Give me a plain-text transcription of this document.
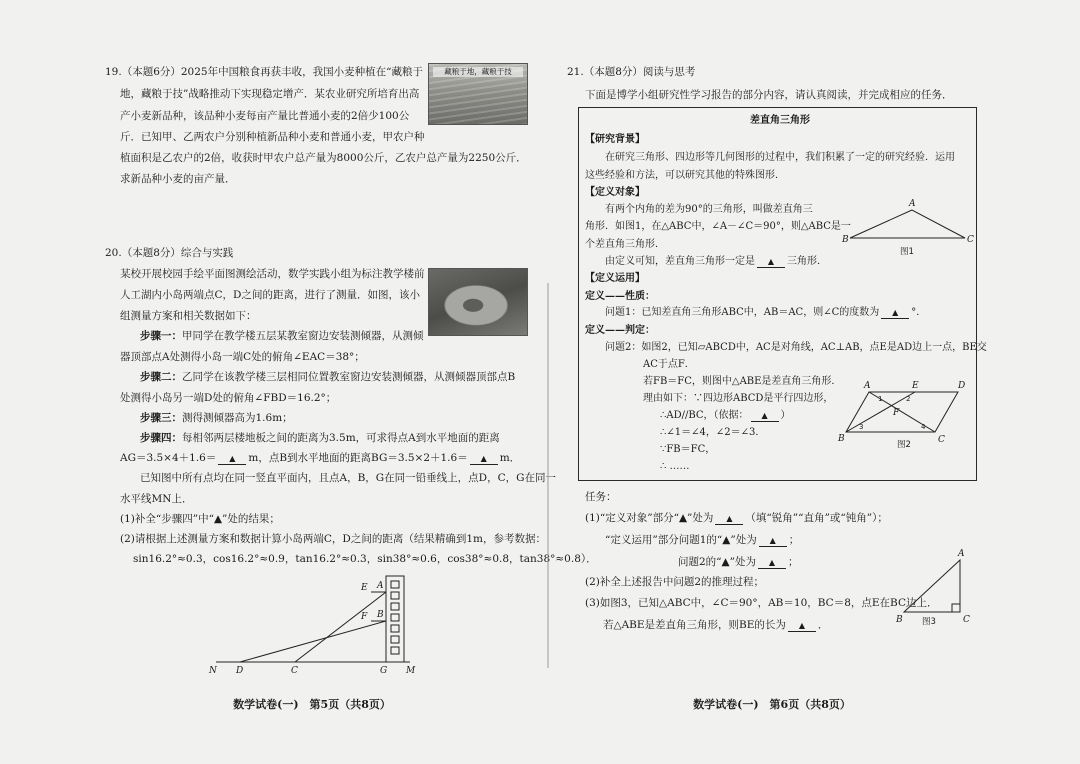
19.（本题6分）2025年中国粮食再获丰收，我国小麦种植在“藏粮于
地，藏粮于技”战略推动下实现稳定增产．某农业研究所培育出高
产小麦新品种，该品种小麦每亩产量比普通小麦的2倍少100公
斤．已知甲、乙两农户分别种植新品种小麦和普通小麦，甲农户种
植面积是乙农户的2倍，收获时甲农户总产量为8000公斤，乙农户总产量为2250公斤．
求新品种小麦的亩产量．
藏粮于地，藏粮于技
20.（本题8分）综合与实践
某校开展校园手绘平面图测绘活动，数学实践小组为标注教学楼前
人工湖内小岛两端点C，D之间的距离，进行了测量．如图，该小
组测量方案和相关数据如下：
步骤一：甲同学在教学楼五层某教室窗边安装测倾器，从测倾
器顶部点A处测得小岛一端C处的俯角∠EAC＝38°；
步骤二：乙同学在该教学楼三层相同位置教室窗边安装测倾器，从测倾器顶部点B
处测得小岛另一端D处的俯角∠FBD＝16.2°；
步骤三：测得测倾器高为1.6m；
步骤四：每相邻两层楼地板之间的距离为3.5m，可求得点A到水平地面的距离
AG＝3.5×4＋1.6＝ ▲ m，点B到水平地面的距离BG＝3.5×2＋1.6＝ ▲ m．
已知图中所有点均在同一竖直平面内，且点A，B，G在同一铅垂线上，点D，C，G在同一
水平线MN上．
(1)补全“步骤四”中“▲”处的结果；
(2)请根据上述测量方案和数据计算小岛两端C，D之间的距离（结果精确到1m，参考数据：
sin16.2°≈0.3，cos16.2°≈0.9，tan16.2°≈0.3，sin38°≈0.6，cos38°≈0.8，tan38°≈0.8）．
数学试卷(一)　第5页（共8页）
21.（本题8分）阅读与思考
下面是博学小组研究性学习报告的部分内容，请认真阅读，并完成相应的任务．
差直角三角形
【研究背景】
在研究三角形、四边形等几何图形的过程中，我们积累了一定的研究经验．运用
这些经验和方法，可以研究其他的特殊图形．
【定义对象】
有两个内角的差为90°的三角形，叫做差直角三
角形．如图1，在△ABC中，∠A－∠C＝90°，则△ABC是一
个差直角三角形．
由定义可知，差直角三角形一定是 ▲ 三角形．
【定义运用】
定义——性质：
问题1：已知差直角三角形ABC中，AB＝AC，则∠C的度数为 ▲ °．
定义——判定：
问题2：如图2，已知▱ABCD中，AC是对角线，AC⊥AB，点E是AD边上一点，BE交
AC于点F．
若FB＝FC，则图中△ABE是差直角三角形．
理由如下：∵四边形ABCD是平行四边形，
∴AD//BC，（依据： ▲ ）
∴∠1＝∠4，∠2＝∠3．
∵FB＝FC，
∴ ……
任务：
(1)“定义对象”部分“▲”处为 ▲ （填“锐角”“直角”或“钝角”）；
“定义运用”部分问题1的“▲”处为 ▲ ；
问题2的“▲”处为 ▲ ；
(2)补全上述报告中问题2的推理过程；
(3)如图3，已知△ABC中，∠C＝90°，AB＝10，BC＝8，点E在BC边上．
若△ABE是差直角三角形，则BE的长为 ▲ ．
数学试卷(一)　第6页（共8页）
E A
F B
N D	C	G M
A
B	C
图1
A	E	D
F
B	C
1	2
3	4
图2
A
B	C
图3
